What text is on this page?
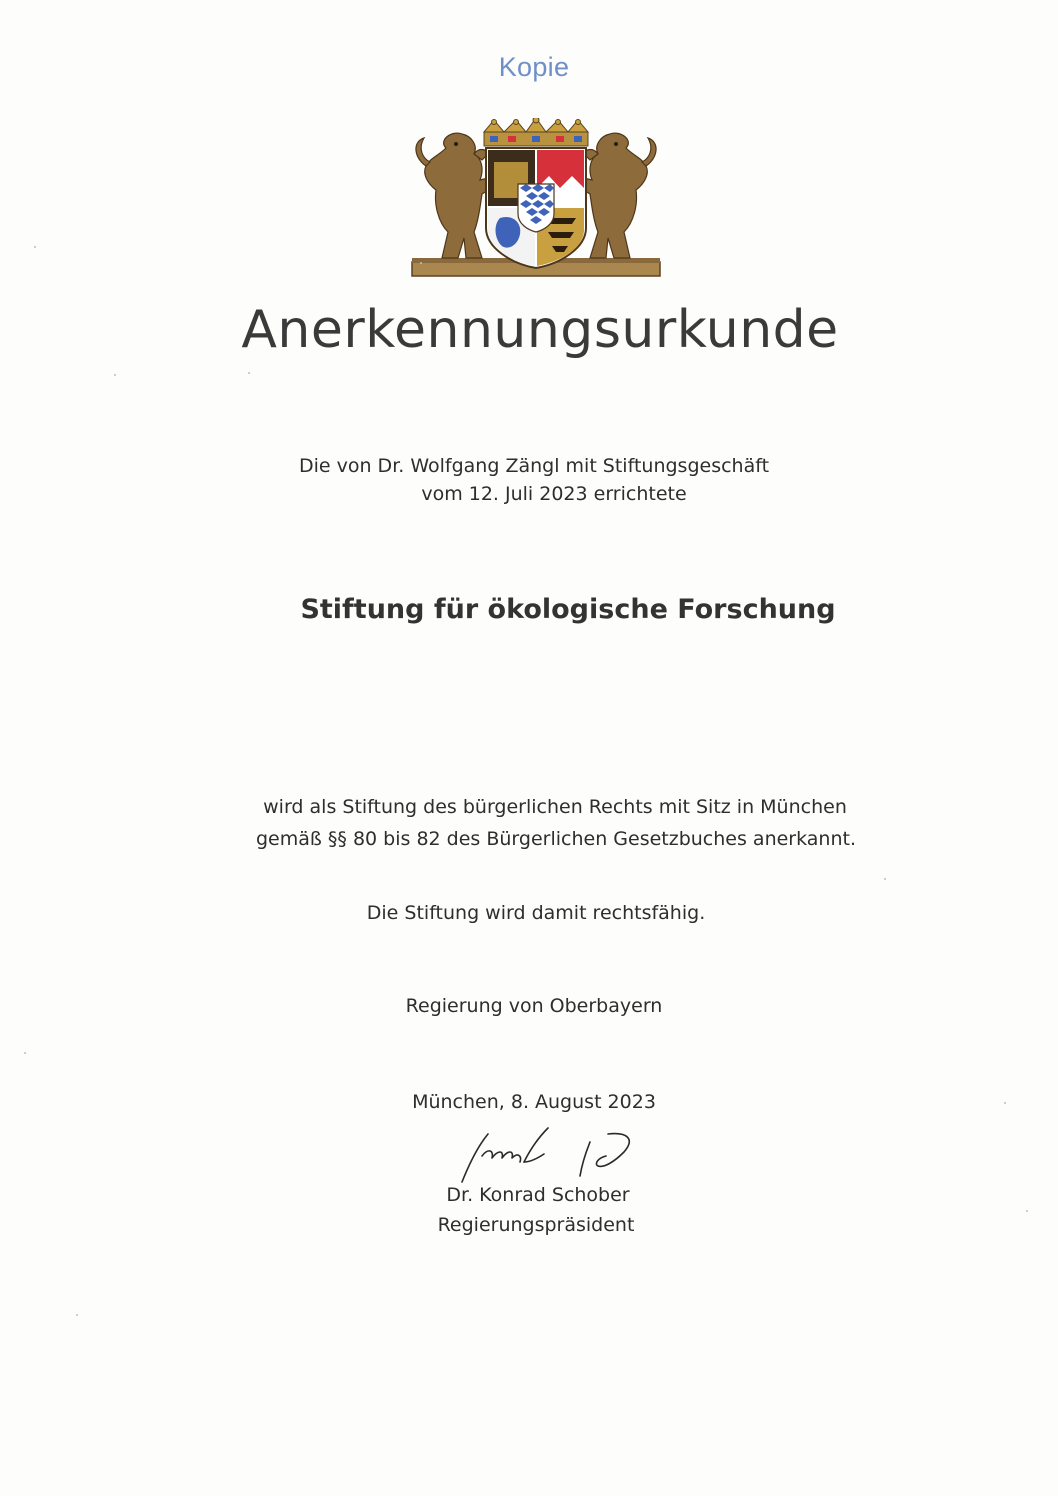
Kopie
Anerkennungsurkunde
Die von Dr. Wolfgang Zängl mit Stiftungsgeschäft
vom 12. Juli 2023 errichtete
Stiftung für ökologische Forschung
wird als Stiftung des bürgerlichen Rechts mit Sitz in München
gemäß §§ 80 bis 82 des Bürgerlichen Gesetzbuches anerkannt.
Die Stiftung wird damit rechtsfähig.
Regierung von Oberbayern
München, 8. August 2023
Dr. Konrad Schober
Regierungspräsident
